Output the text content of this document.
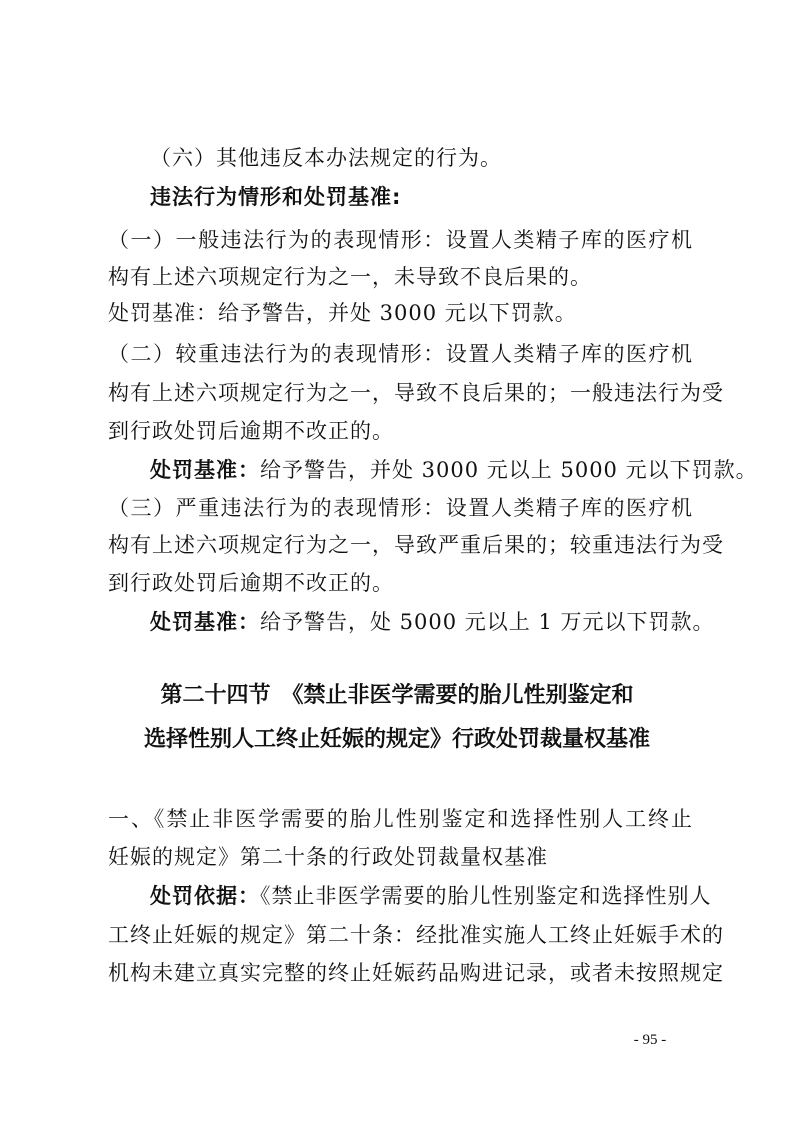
（六）其他违反本办法规定的行为。
违法行为情形和处罚基准:
（一）一般违法行为的表现情形：设置人类精子库的医疗机
构有上述六项规定行为之一，未导致不良后果的。
处罚基准：给予警告，并处 3000 元以下罚款。
（二）较重违法行为的表现情形：设置人类精子库的医疗机
构有上述六项规定行为之一，导致不良后果的；一般违法行为受
到行政处罚后逾期不改正的。
处罚基准：给予警告，并处 3000 元以上 5000 元以下罚款。
（三）严重违法行为的表现情形：设置人类精子库的医疗机
构有上述六项规定行为之一，导致严重后果的；较重违法行为受
到行政处罚后逾期不改正的。
处罚基准：给予警告，处 5000 元以上 1 万元以下罚款。
第二十四节　《禁止非医学需要的胎儿性别鉴定和
选择性别人工终止妊娠的规定》行政处罚裁量权基准
一、《禁止非医学需要的胎儿性别鉴定和选择性别人工终止
妊娠的规定》第二十条的行政处罚裁量权基准
处罚依据：《禁止非医学需要的胎儿性别鉴定和选择性别人
工终止妊娠的规定》第二十条：经批准实施人工终止妊娠手术的
机构未建立真实完整的终止妊娠药品购进记录，或者未按照规定
- 95 -
